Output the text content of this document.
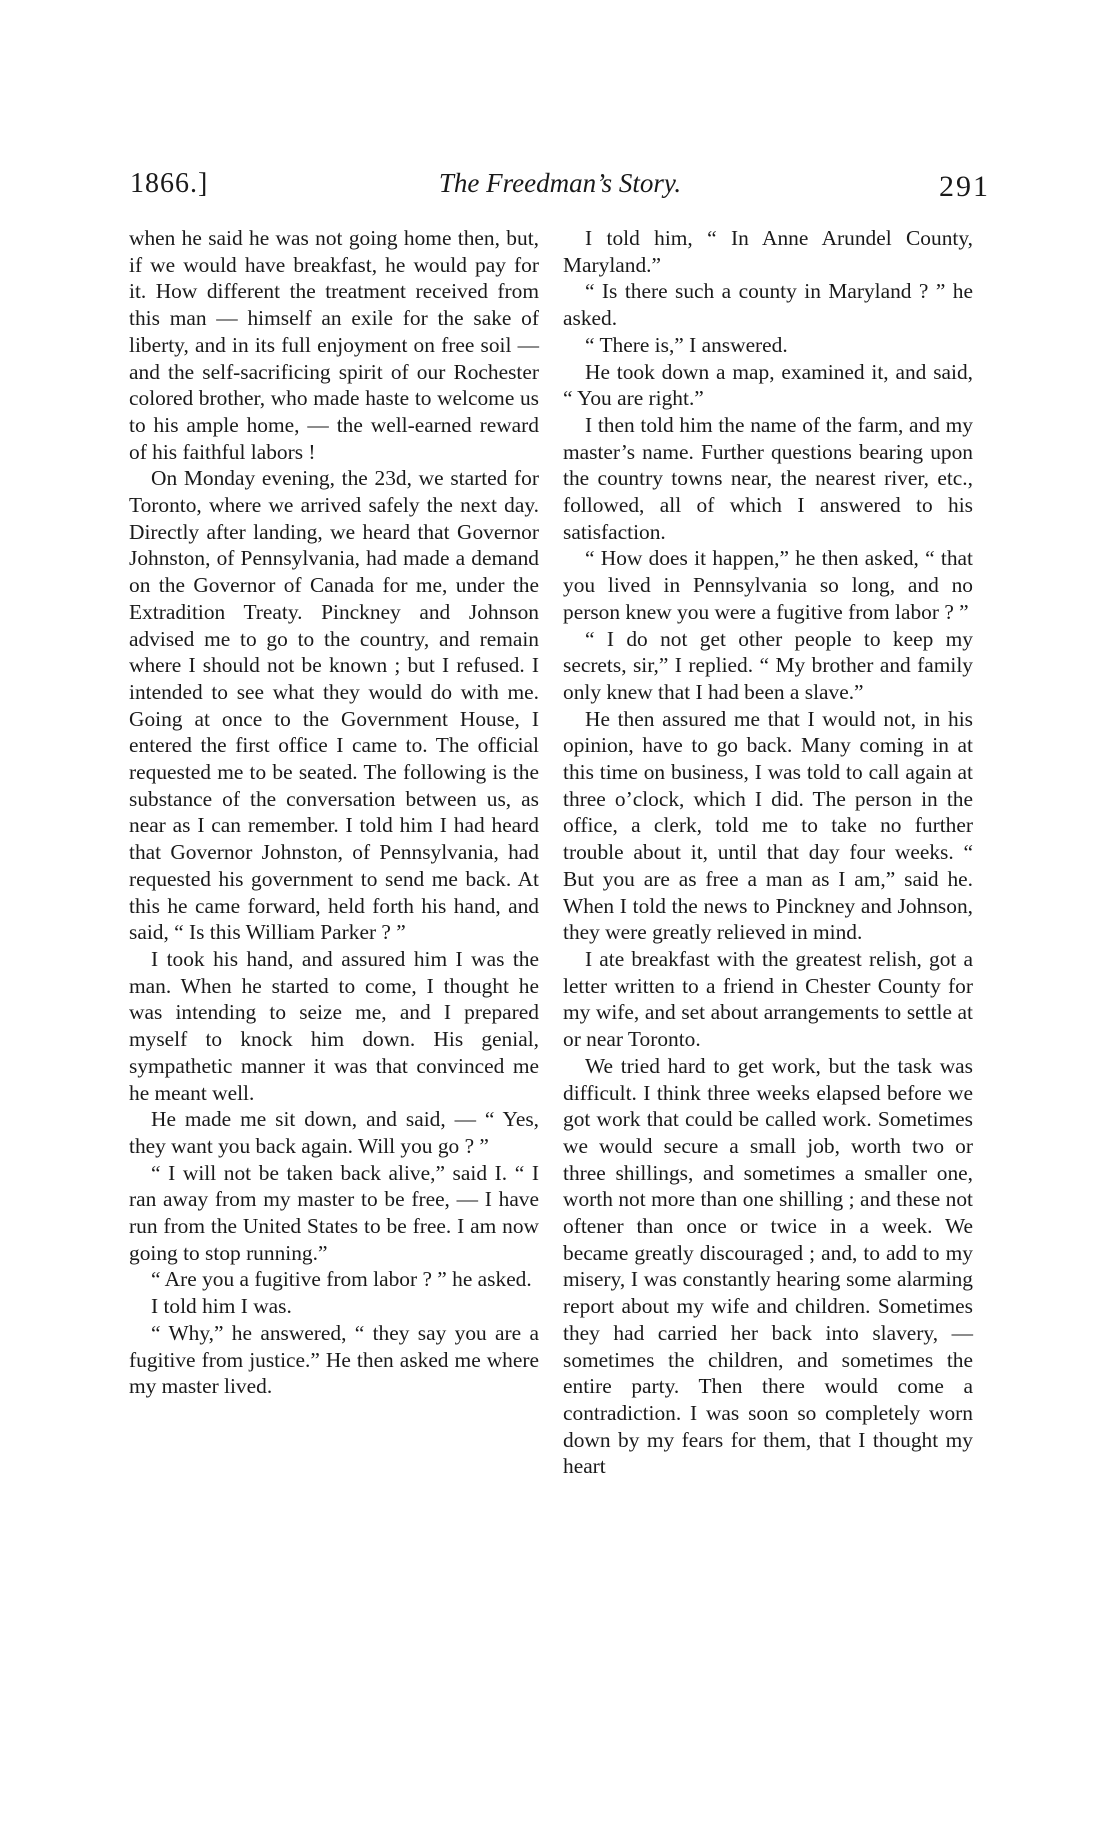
1866.]	The Freedman’s Story.	291

when he said he was not going home then, but, if we would have breakfast, he would pay for it. How different the treatment received from this man — himself an exile for the sake of liberty, and in its full enjoyment on free soil — and the self-sacrificing spirit of our Rochester colored brother, who made haste to welcome us to his ample home, — the well-earned reward of his faithful labors !

On Monday evening, the 23d, we started for Toronto, where we arrived safely the next day. Directly after landing, we heard that Governor Johnston, of Pennsylvania, had made a demand on the Governor of Canada for me, under the Extradition Treaty. Pinckney and Johnson advised me to go to the country, and remain where I should not be known ; but I refused. I intended to see what they would do with me. Going at once to the Government House, I entered the first office I came to. The official requested me to be seated. The following is the substance of the conversation between us, as near as I can remember. I told him I had heard that Governor Johnston, of Pennsylvania, had requested his government to send me back. At this he came forward, held forth his hand, and said, “ Is this William Parker ? ”

I took his hand, and assured him I was the man. When he started to come, I thought he was intending to seize me, and I prepared myself to knock him down. His genial, sympathetic manner it was that convinced me he meant well.

He made me sit down, and said, — “ Yes, they want you back again. Will you go ? ”

“ I will not be taken back alive,” said I. “ I ran away from my master to be free, — I have run from the United States to be free. I am now going to stop running.”

“ Are you a fugitive from labor ? ” he asked.

I told him I was.

“ Why,” he answered, “ they say you are a fugitive from justice.” He then asked me where my master lived.

I told him, “ In Anne Arundel County, Maryland.”

“ Is there such a county in Maryland ? ” he asked.

“ There is,” I answered.

He took down a map, examined it, and said, “ You are right.”

I then told him the name of the farm, and my master’s name. Further questions bearing upon the country towns near, the nearest river, etc., followed, all of which I answered to his satisfaction.

“ How does it happen,” he then asked, “ that you lived in Pennsylvania so long, and no person knew you were a fugitive from labor ? ”

“ I do not get other people to keep my secrets, sir,” I replied. “ My brother and family only knew that I had been a slave.”

He then assured me that I would not, in his opinion, have to go back. Many coming in at this time on business, I was told to call again at three o’clock, which I did. The person in the office, a clerk, told me to take no further trouble about it, until that day four weeks. “ But you are as free a man as I am,” said he. When I told the news to Pinckney and Johnson, they were greatly relieved in mind.

I ate breakfast with the greatest relish, got a letter written to a friend in Chester County for my wife, and set about arrangements to settle at or near Toronto.

We tried hard to get work, but the task was difficult. I think three weeks elapsed before we got work that could be called work. Sometimes we would secure a small job, worth two or three shillings, and sometimes a smaller one, worth not more than one shilling ; and these not oftener than once or twice in a week. We became greatly discouraged ; and, to add to my misery, I was constantly hearing some alarming report about my wife and children. Sometimes they had carried her back into slavery, — sometimes the children, and sometimes the entire party. Then there would come a contradiction. I was soon so completely worn down by my fears for them, that I thought my heart
